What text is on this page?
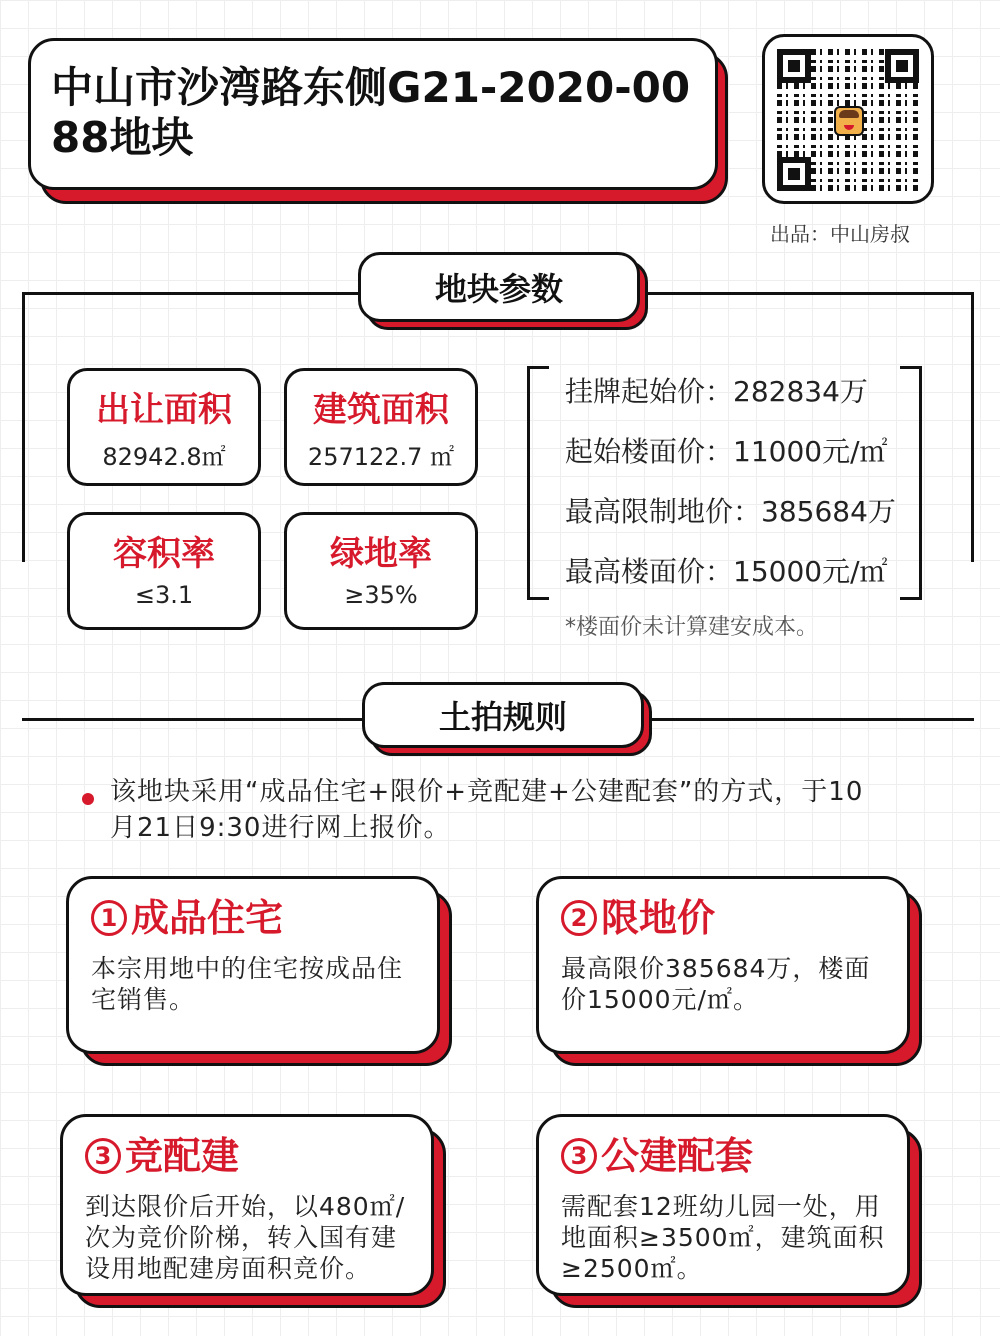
中山市沙湾路东侧G21-2020-0088地块
出品：中山房叔
地块参数
出让面积
82942.8㎡
建筑面积
257122.7 ㎡
容积率
≤3.1
绿地率
≥35%
挂牌起始价：282834万
起始楼面价：11000元/㎡
最高限制地价：385684万
最高楼面价：15000元/㎡
*楼面价未计算建安成本。
土拍规则
该地块采用“成品住宅+限价+竞配建+公建配套”的方式，于10月21日9:30进行网上报价。
1 成品住宅
本宗用地中的住宅按成品住宅销售。
2 限地价
最高限价385684万，楼面价15000元/㎡。
3 竞配建
到达限价后开始，以480㎡/次为竞价阶梯，转入国有建设用地配建房面积竞价。
3 公建配套
需配套12班幼儿园一处，用地面积≥3500㎡，建筑面积≥2500㎡。
